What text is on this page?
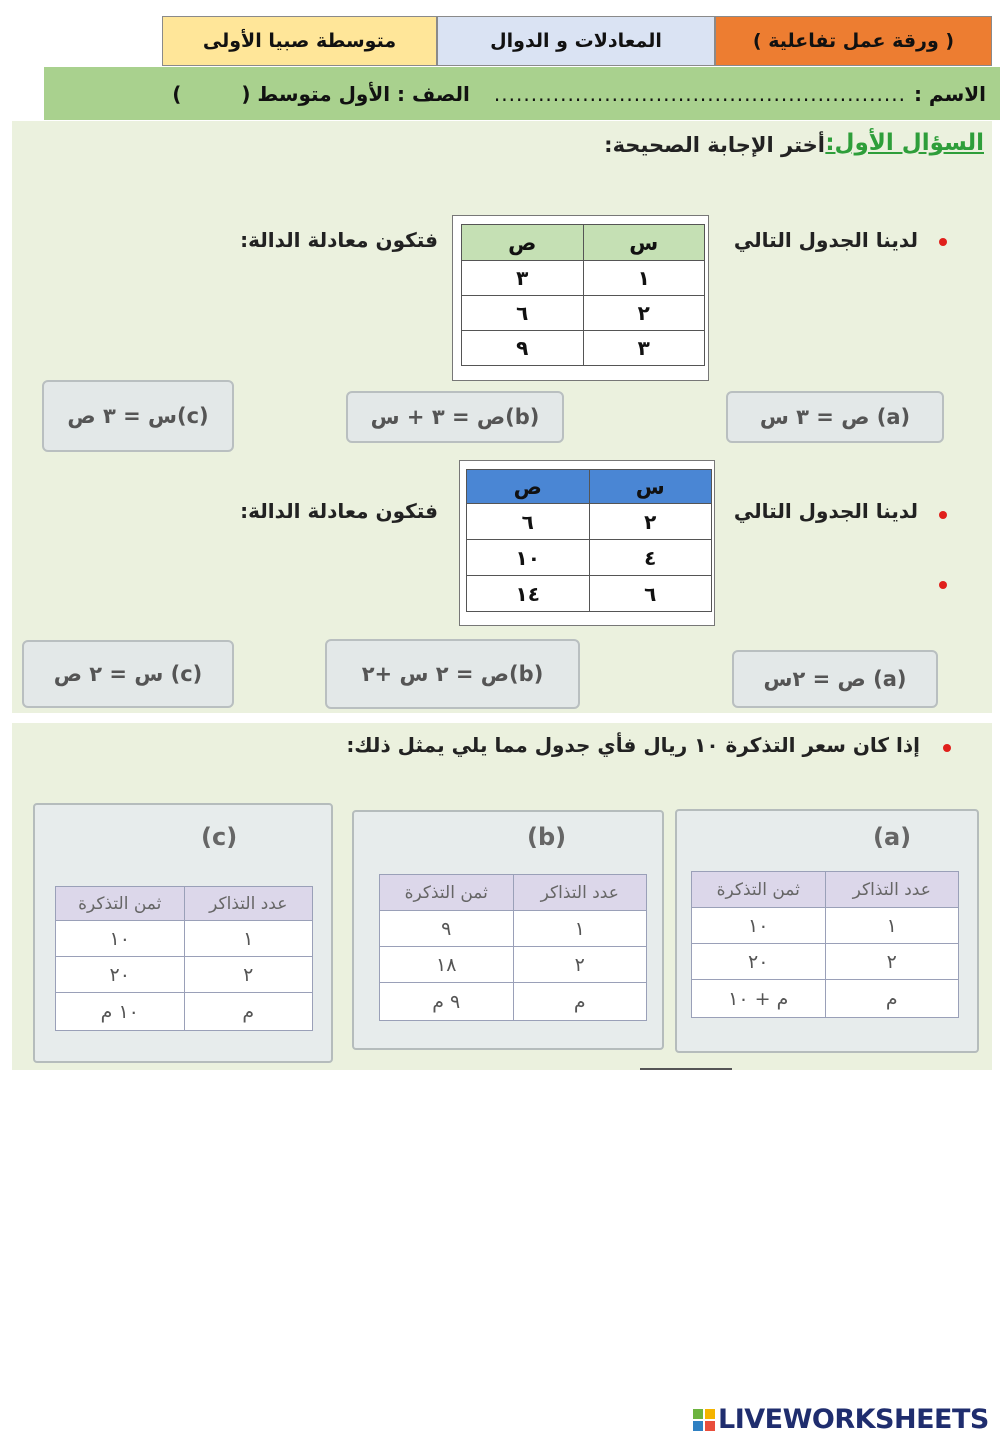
( ورقة عمل تفاعلية )
المعادلات و الدوال
متوسطة صبيا الأولى
الاسم :
........................................................
الصف : الأول متوسط (
)
السؤال الأول:
أختر الإجابة الصحيحة:
لدينا الجدول التالي
فتكون معادلة الدالة:	س	ص
١	٣
٢	٦
٣	٩
(a) ص = ٣ س
(b)ص = ٣ + س
(c)س = ٣ ص
لدينا الجدول التالي
فتكون معادلة الدالة:
س	ص
٢	٦
٤	١٠
٦	١٤
(a) ص = ٢س
(b)ص = ٢ س +٢
(c) س = ٢ ص
إذا كان سعر التذكرة ١٠ ريال فأي جدول مما يلي يمثل ذلك:
(a)
عدد التذاكر	ثمن التذكرة
١	١٠
٢	٢٠
م	م + ١٠
(b)
عدد التذاكر	ثمن التذكرة
١	٩
٢	١٨
م	٩ م
(c)
عدد التذاكر	ثمن التذكرة
١	١٠
٢	٢٠
م	١٠ م
LIVEWORKSHEETS
